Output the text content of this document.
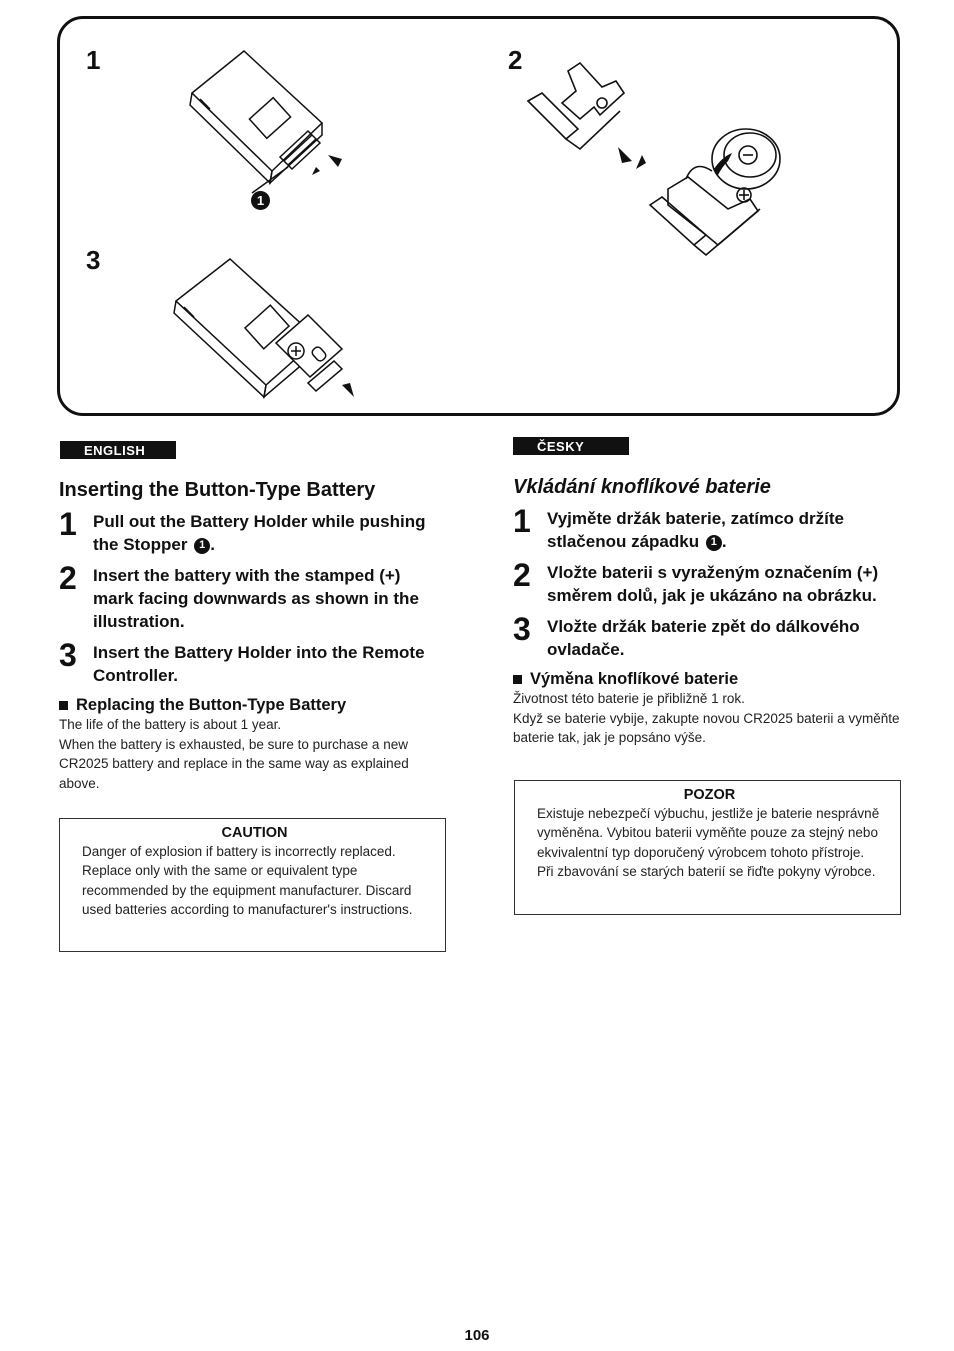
1	2
3
1
ENGLISH	ČESKY
Inserting the Button-Type Battery
1 Pull out the Battery Holder while pushing the Stopper 1 .
2 Insert the battery with the stamped (+) mark facing downwards as shown in the illustration.
3 Insert the Battery Holder into the Remote Controller.
Replacing the Button-Type Battery

The life of the battery is about 1 year.

When the battery is exhausted, be sure to purchase a new CR2025 battery and replace in the same way as explained above.

CAUTION

Danger of explosion if battery is incorrectly replaced. Replace only with the same or equivalent type recommended by the equipment manufacturer. Discard used batteries according to manufacturer's instructions.

Vkládání knoflíkové baterie
1 Vyjměte držák baterie, zatímco držíte stlačenou západku 1 .
2 Vložte baterii s vyraženým označením (+) směrem dolů, jak je ukázáno na obrázku.
3 Vložte držák baterie zpět do dálkového ovladače.
Výměna knoflíkové baterie

Životnost této baterie je přibližně 1 rok.

Když se baterie vybije, zakupte novou CR2025 baterii a vyměňte baterie tak, jak je popsáno výše.

POZOR

Existuje nebezpečí výbuchu, jestliže je baterie nesprávně vyměněna. Vybitou baterii vyměňte pouze za stejný nebo ekvivalentní typ doporučený výrobcem tohoto přístroje. Při zbavování se starých baterií se řiďte pokyny výrobce.

106
